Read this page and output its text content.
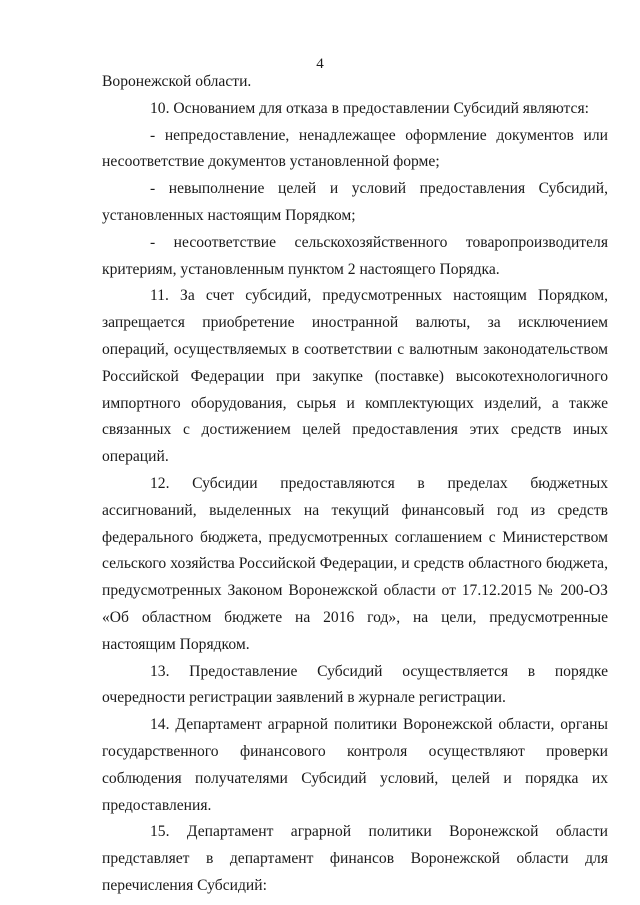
4

Воронежской области.

10. Основанием для отказа в предоставлении Субсидий являются:

- непредоставление, ненадлежащее оформление документов или несоответствие документов установленной форме;

- невыполнение целей и условий предоставления Субсидий, установленных настоящим Порядком;

- несоответствие сельскохозяйственного товаропроизводителя критериям, установленным пунктом 2 настоящего Порядка.

11. За счет субсидий, предусмотренных настоящим Порядком, запрещается приобретение иностранной валюты, за исключением операций, осуществляемых в соответствии с валютным законодательством Российской Федерации при закупке (поставке) высокотехнологичного импортного оборудования, сырья и комплектующих изделий, а также связанных с достижением целей предоставления этих средств иных операций.

12. Субсидии предоставляются в пределах бюджетных ассигнований, выделенных на текущий финансовый год из средств федерального бюджета, предусмотренных соглашением с Министерством сельского хозяйства Российской Федерации, и средств областного бюджета, предусмотренных Законом Воронежской области от 17.12.2015 № 200-ОЗ «Об областном бюджете на 2016 год», на цели, предусмотренные настоящим Порядком.

13. Предоставление Субсидий осуществляется в порядке очередности регистрации заявлений в журнале регистрации.

14. Департамент аграрной политики Воронежской области, органы государственного финансового контроля осуществляют проверки соблюдения получателями Субсидий условий, целей и порядка их предоставления.

15. Департамент аграрной политики Воронежской области представляет в департамент финансов Воронежской области для перечисления Субсидий:
